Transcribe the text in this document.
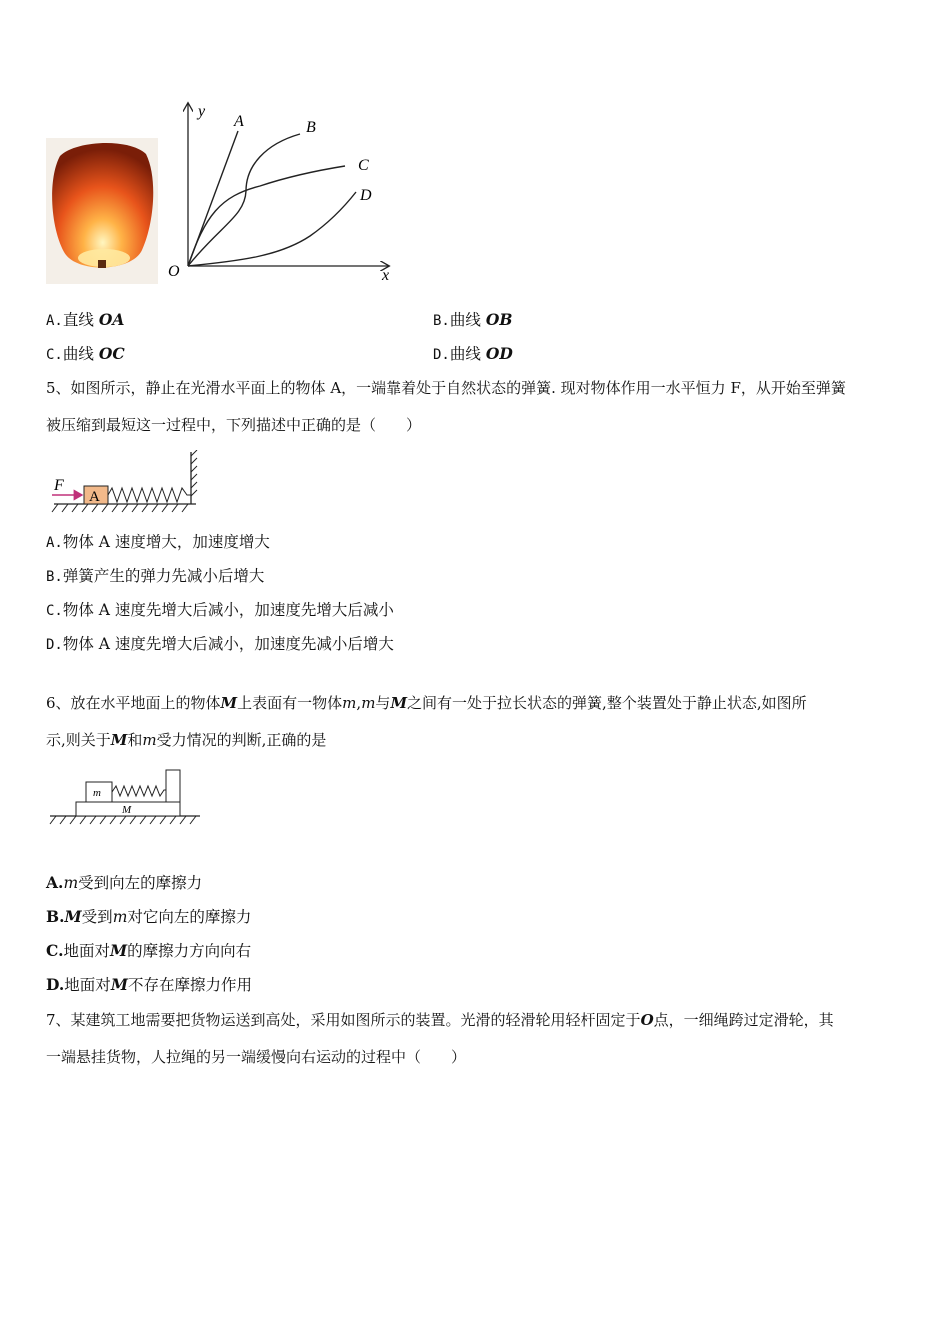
y
x
O
A	B
C
D
A.直线 OA	B.曲线 OB
C.曲线 OC	D.曲线 OD
5、如图所示，静止在光滑水平面上的物体 A，一端靠着处于自然状态的弹簧. 现对物体作用一水平恒力 F，从开始至弹簧
被压缩到最短这一过程中，下列描述中正确的是（　　）
A
F
A.物体 A 速度增大，加速度增大
B.弹簧产生的弹力先减小后增大
C.物体 A 速度先增大后减小，加速度先增大后减小
D.物体 A 速度先增大后减小，加速度先减小后增大
6、放在水平地面上的物体M上表面有一物体m,m与M之间有一处于拉长状态的弹簧,整个装置处于静止状态,如图所
示,则关于M和m受力情况的判断,正确的是
m
M
A.m受到向左的摩擦力
B.M受到m对它向左的摩擦力
C.地面对M的摩擦力方向向右
D.地面对M不存在摩擦力作用
7、某建筑工地需要把货物运送到高处，采用如图所示的装置。光滑的轻滑轮用轻杆固定于O点，一细绳跨过定滑轮，其
一端悬挂货物，人拉绳的另一端缓慢向右运动的过程中（　　）
